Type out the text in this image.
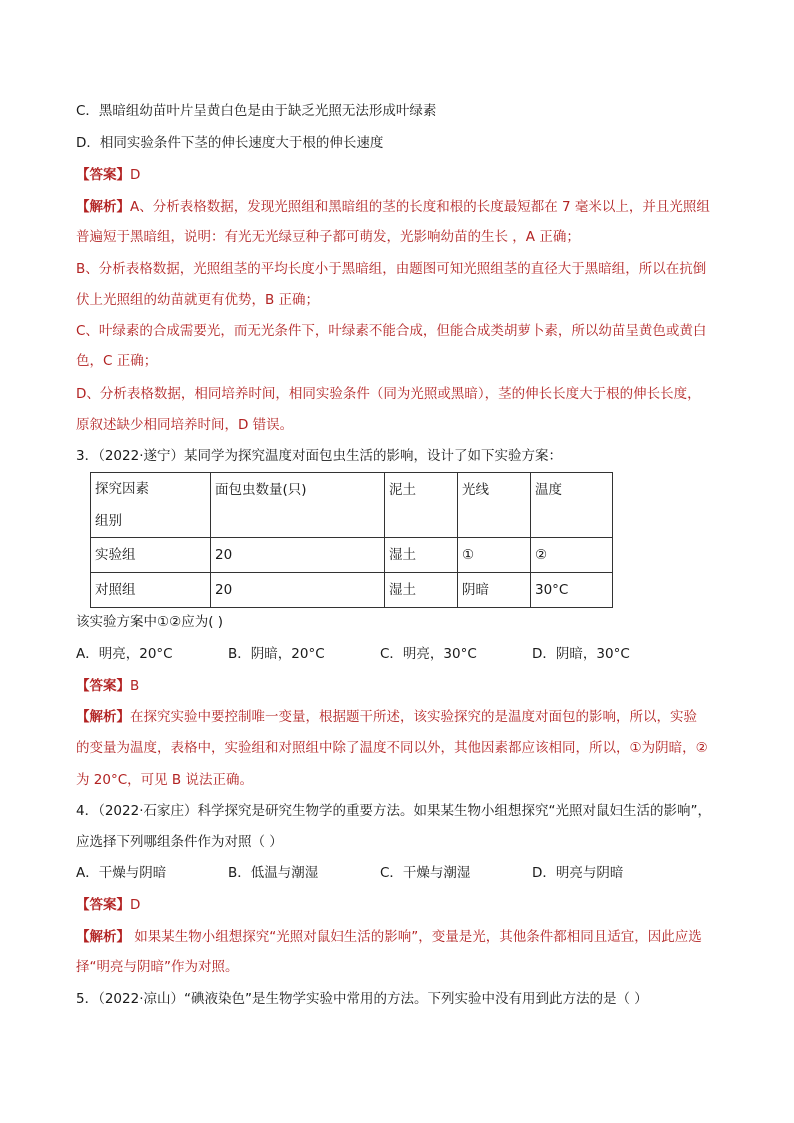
C．黑暗组幼苗叶片呈黄白色是由于缺乏光照无法形成叶绿素
D．相同实验条件下茎的伸长速度大于根的伸长速度
【答案】D
【解析】A、分析表格数据，发现光照组和黑暗组的茎的长度和根的长度最短都在 7 毫米以上，并且光照组
普遍短于黑暗组，说明：有光无光绿豆种子都可萌发，光影响幼苗的生长 ，A 正确；
B、分析表格数据，光照组茎的平均长度小于黑暗组，由题图可知光照组茎的直径大于黑暗组，所以在抗倒
伏上光照组的幼苗就更有优势，B 正确；
C、叶绿素的合成需要光，而无光条件下，叶绿素不能合成，但能合成类胡萝卜素，所以幼苗呈黄色或黄白
色，C 正确；
D、分析表格数据，相同培养时间，相同实验条件（同为光照或黑暗），茎的伸长长度大于根的伸长长度，
原叙述缺少相同培养时间，D 错误。
3．（2022·遂宁）某同学为探究温度对面包虫生活的影响，设计了如下实验方案：
探究因素
组别	面包虫数量(只)	泥土	光线	温度
实验组	20	湿土	①	②
对照组	20	湿土	阴暗	30°C
该实验方案中①②应为( )
A．明亮，20°C	B．阴暗，20°C	C．明亮，30°C	D．阴暗，30°C
【答案】B
【解析】在探究实验中要控制唯一变量，根据题干所述，该实验探究的是温度对面包的影响，所以，实验
的变量为温度，表格中，实验组和对照组中除了温度不同以外，其他因素都应该相同，所以，①为阴暗，②
为 20°C，可见 B 说法正确。
4．（2022·石家庄）科学探究是研究生物学的重要方法。如果某生物小组想探究“光照对鼠妇生活的影响”，
应选择下列哪组条件作为对照（ ）
A．干燥与阴暗	B．低温与潮湿	C．干燥与潮湿	D．明亮与阴暗
【答案】D
【解析】 如果某生物小组想探究“光照对鼠妇生活的影响”，变量是光，其他条件都相同且适宜，因此应选
择“明亮与阴暗”作为对照。
5．（2022·凉山）“碘液染色”是生物学实验中常用的方法。下列实验中没有用到此方法的是（ ）
